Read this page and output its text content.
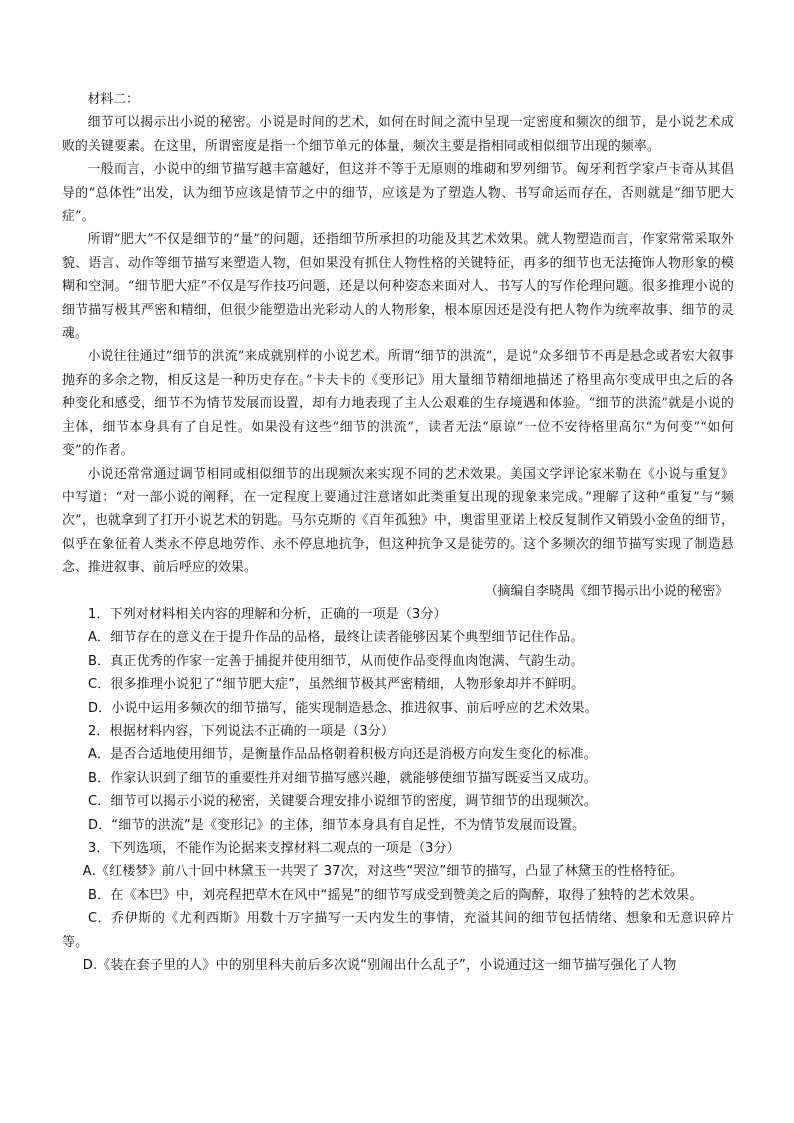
材料二：

细节可以揭示出小说的秘密。小说是时间的艺术，如何在时间之流中呈现一定密度和频次的细节，是小说艺术成败的关键要素。在这里，所谓密度是指一个细节单元的体量，频次主要是指相同或相似细节出现的频率。

一般而言，小说中的细节描写越丰富越好，但这并不等于无原则的堆砌和罗列细节。匈牙利哲学家卢卡奇从其倡导的“总体性”出发，认为细节应该是情节之中的细节，应该是为了塑造人物、书写命运而存在，否则就是“细节肥大症”。

所谓“肥大”不仅是细节的“量”的问题，还指细节所承担的功能及其艺术效果。就人物塑造而言，作家常常采取外貌、语言、动作等细节描写来塑造人物，但如果没有抓住人物性格的关键特征，再多的细节也无法掩饰人物形象的模糊和空洞。“细节肥大症”不仅是写作技巧问题，还是以何种姿态来面对人、书写人的写作伦理问题。很多推理小说的细节描写极其严密和精细，但很少能塑造出光彩动人的人物形象，根本原因还是没有把人物作为统率故事、细节的灵魂。

小说往往通过“细节的洪流”来成就别样的小说艺术。所谓“细节的洪流”，是说“众多细节不再是悬念或者宏大叙事抛弃的多余之物，相反这是一种历史存在。”卡夫卡的《变形记》用大量细节精细地描述了格里高尔变成甲虫之后的各种变化和感受，细节不为情节发展而设置，却有力地表现了主人公艰难的生存境遇和体验。“细节的洪流”就是小说的主体，细节本身具有了自足性。如果没有这些“细节的洪流”，读者无法“原谅”一位不安待格里高尔“为何变”“如何变”的作者。

小说还常常通过调节相同或相似细节的出现频次来实现不同的艺术效果。美国文学评论家米勒在《小说与重复》中写道：“对一部小说的阐释，在一定程度上要通过注意诸如此类重复出现的现象来完成。”理解了这种“重复”与“频次”，也就拿到了打开小说艺术的钥匙。马尔克斯的《百年孤独》中，奥雷里亚诺上校反复制作又销毁小金鱼的细节，似乎在象征着人类永不停息地劳作、永不停息地抗争，但这种抗争又是徒劳的。这个多频次的细节描写实现了制造悬念、推进叙事、前后呼应的效果。

（摘编自李晓禺《细节揭示出小说的秘密》

1．下列对材料相关内容的理解和分析，正确的一项是（3分）

A．细节存在的意义在于提升作品的品格，最终让读者能够因某个典型细节记住作品。

B．真正优秀的作家一定善于捕捉并使用细节，从而使作品变得血肉饱满、气韵生动。

C．很多推理小说犯了“细节肥大症”，虽然细节极其严密精细，人物形象却并不鲜明。

D．小说中运用多频次的细节描写，能实现制造悬念、推进叙事、前后呼应的艺术效果。

2．根据材料内容，下列说法不正确的一项是（3分）

A．是否合适地使用细节，是衡量作品品格朝着积极方向还是消极方向发生变化的标准。

B．作家认识到了细节的重要性并对细节描写感兴趣，就能够使细节描写既妥当又成功。

C．细节可以揭示小说的秘密，关键要合理安排小说细节的密度，调节细节的出现频次。

D．“细节的洪流”是《变形记》的主体，细节本身具有自足性，不为情节发展而设置。

3．下列选项，不能作为论据来支撑材料二观点的一项是（3分）

A.《红楼梦》前八十回中林黛玉一共哭了 37次，对这些“哭泣”细节的描写，凸显了林黛玉的性格特征。

B．在《本巴》中，刘亮程把草木在风中“摇晃”的细节写成受到赞美之后的陶醉，取得了独特的艺术效果。

C．乔伊斯的《尤利西斯》用数十万字描写一天内发生的事情，充溢其间的细节包括情绪、想象和无意识碎片等。

D.《装在套子里的人》中的别里科夫前后多次说“别闹出什么乱子”，小说通过这一细节描写强化了人物
